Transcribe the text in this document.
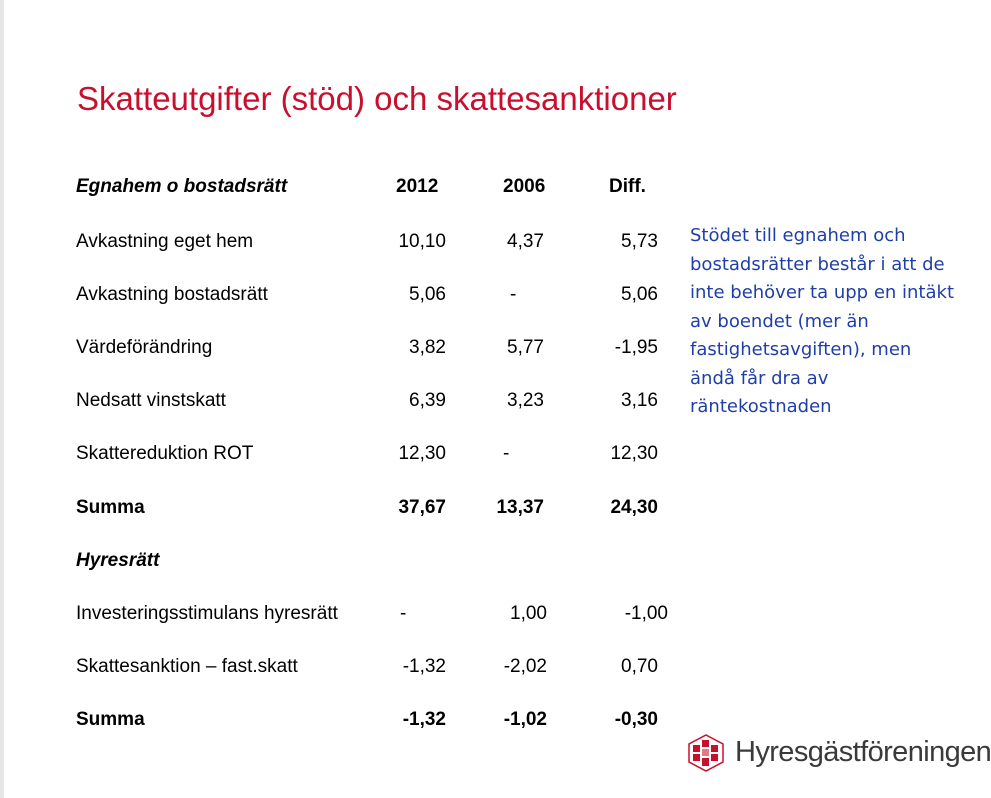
Skatteutgifter (stöd) och skattesanktioner
Egnahem o bostadsrätt	2012	2006	Diff.
Avkastning eget hem	10,10	4,37	5,73
Avkastning bostadsrätt	5,06	-	5,06
Värdeförändring	3,82	5,77	-1,95
Nedsatt vinstskatt	6,39	3,23	3,16
Skattereduktion ROT	12,30	-	12,30
Summa	37,67	13,37	24,30
Hyresrätt
Investeringsstimulans hyresrätt	-	1,00	-1,00
Skattesanktion – fast.skatt	-1,32	-2,02	0,70
Summa	-1,32	-1,02	-0,30
Stödet till egnahem och bostadsrätter består i att de inte behöver ta upp en intäkt av boendet (mer än fastighetsavgiften), men ändå får dra av räntekostnaden
Hyresgästföreningen
